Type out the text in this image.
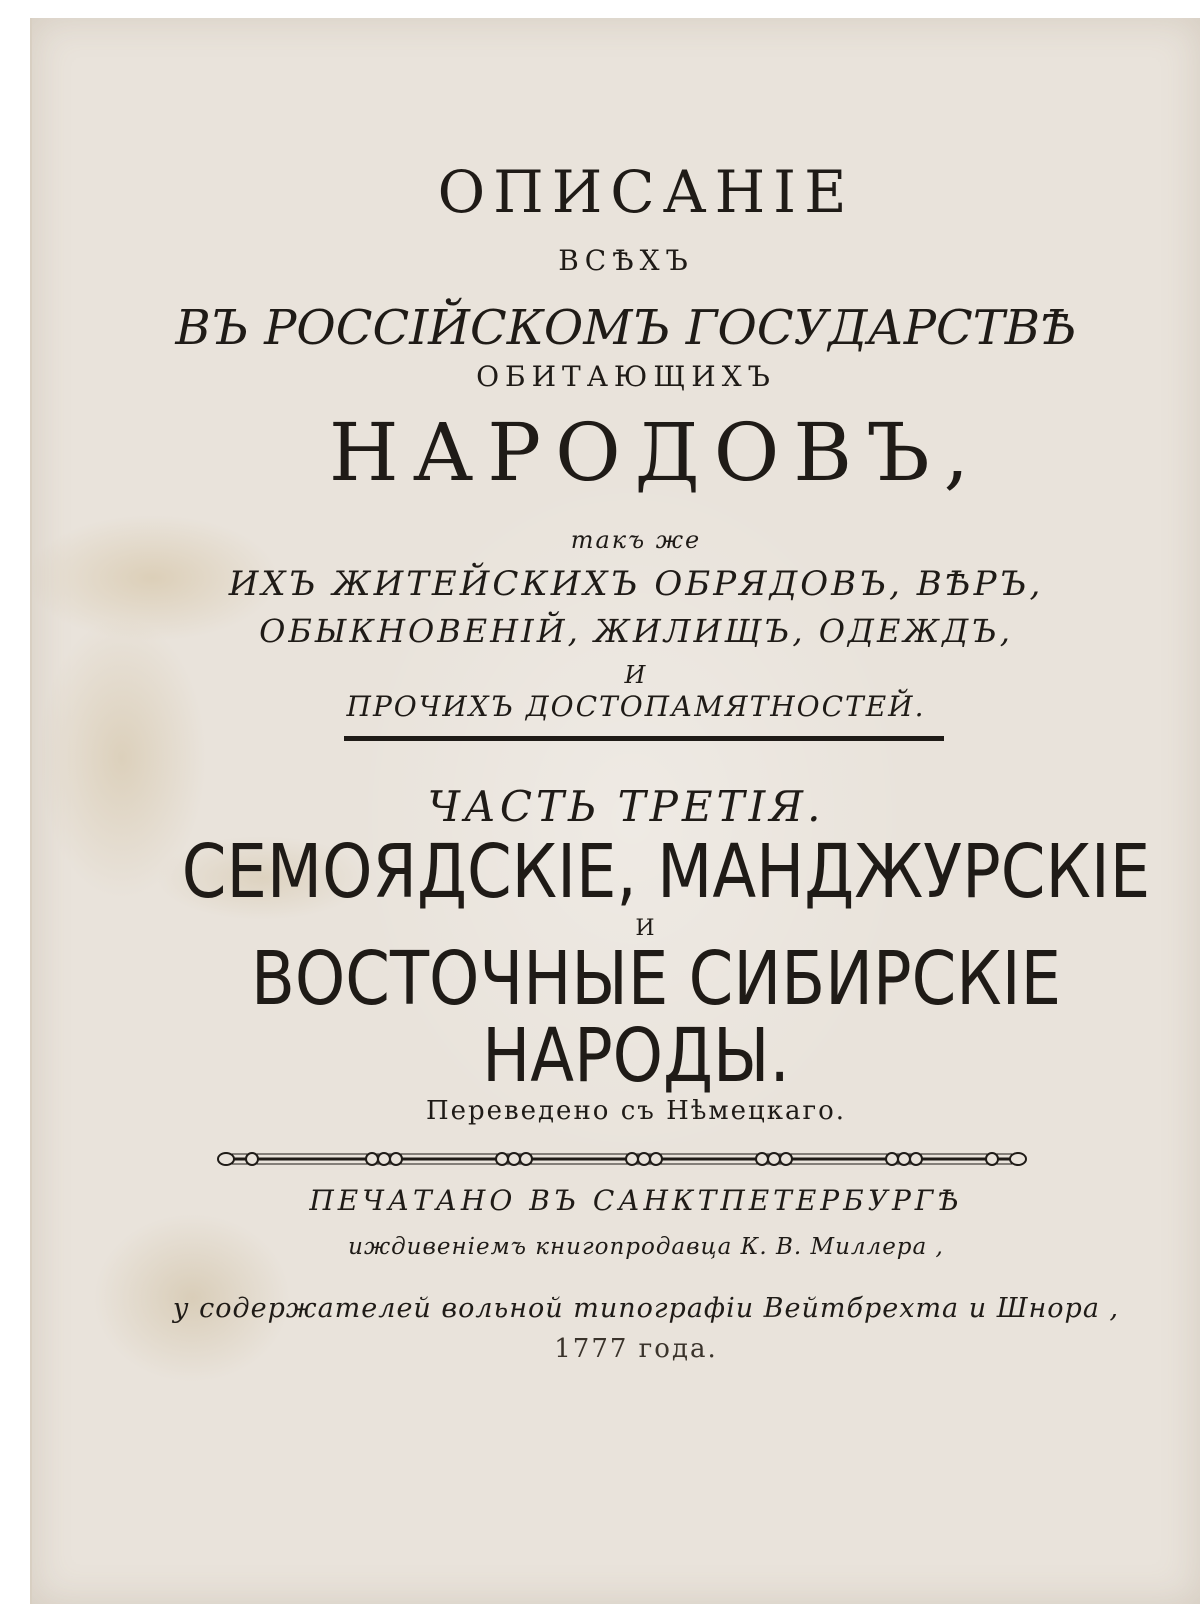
ОПИСАНІЕ
ВСѢХЪ
ВЪ РОССІЙСКОМЪ ГОСУДАРСТВѢ
ОБИТАЮЩИХЪ
НАРОДОВЪ,
такъ же
ИХЪ ЖИТЕЙСКИХЪ ОБРЯДОВЪ, ВѢРЪ,
ОБЫКНОВЕНІЙ, ЖИЛИЩЪ, ОДЕЖДЪ,
И
ПРОЧИХЪ ДОСТОПАМЯТНОСТЕЙ.
ЧАСТЬ ТРЕТІЯ.
СЕМОЯДСКІЕ, МАНДЖУРСКІЕ
И
ВОСТОЧНЫЕ СИБИРСКІЕ
НАРОДЫ.
Переведено съ Нѣмецкаго.
ПЕЧАТАНО ВЪ САНКТПЕТЕРБУРГѢ
иждивенiемъ книгопродавца К. В. Миллера ,
у содержателей вольной типографіи Вейтбрехта и Шнора ,
1777 года.
